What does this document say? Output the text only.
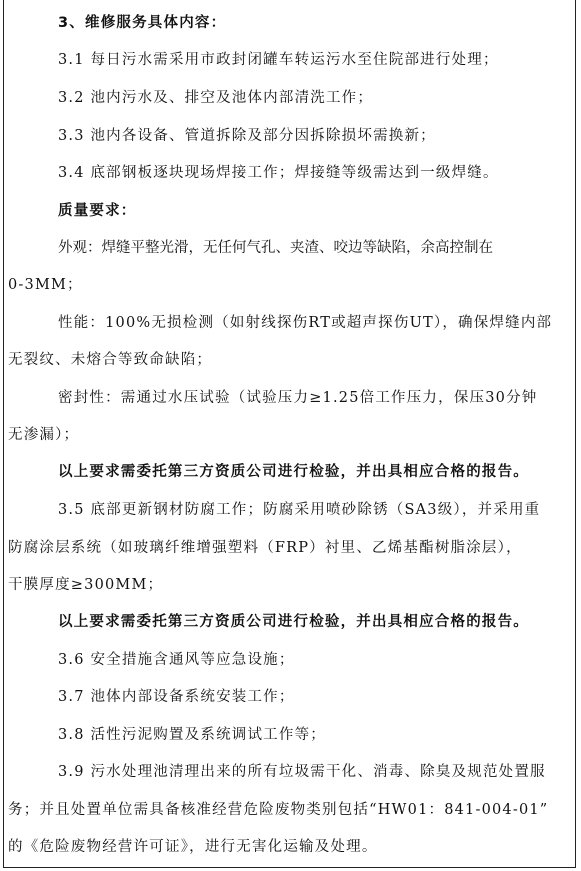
3、维修服务具体内容：
3.1 每日污水需采用市政封闭罐车转运污水至住院部进行处理；
3.2 池内污水及、排空及池体内部清洗工作；
3.3 池内各设备、管道拆除及部分因拆除损坏需换新；
3.4 底部钢板逐块现场焊接工作；焊接缝等级需达到一级焊缝。
质量要求：
外观：焊缝平整光滑，无任何气孔、夹渣、咬边等缺陷，余高控制在
0-3MM；
性能：100%无损检测（如射线探伤RT或超声探伤UT），确保焊缝内部
无裂纹、未熔合等致命缺陷；
密封性：需通过水压试验（试验压力≥1.25倍工作压力，保压30分钟
无渗漏）；
以上要求需委托第三方资质公司进行检验，并出具相应合格的报告。
3.5 底部更新钢材防腐工作；防腐采用喷砂除锈（SA3级），并采用重
防腐涂层系统（如玻璃纤维增强塑料（FRP）衬里、乙烯基酯树脂涂层），
干膜厚度≥300MM；
以上要求需委托第三方资质公司进行检验，并出具相应合格的报告。
3.6 安全措施含通风等应急设施；
3.7 池体内部设备系统安装工作；
3.8 活性污泥购置及系统调试工作等；
3.9 污水处理池清理出来的所有垃圾需干化、消毒、除臭及规范处置服
务；并且处置单位需具备核准经营危险废物类别包括“HW01：841-004-01”
的《危险废物经营许可证》，进行无害化运输及处理。
